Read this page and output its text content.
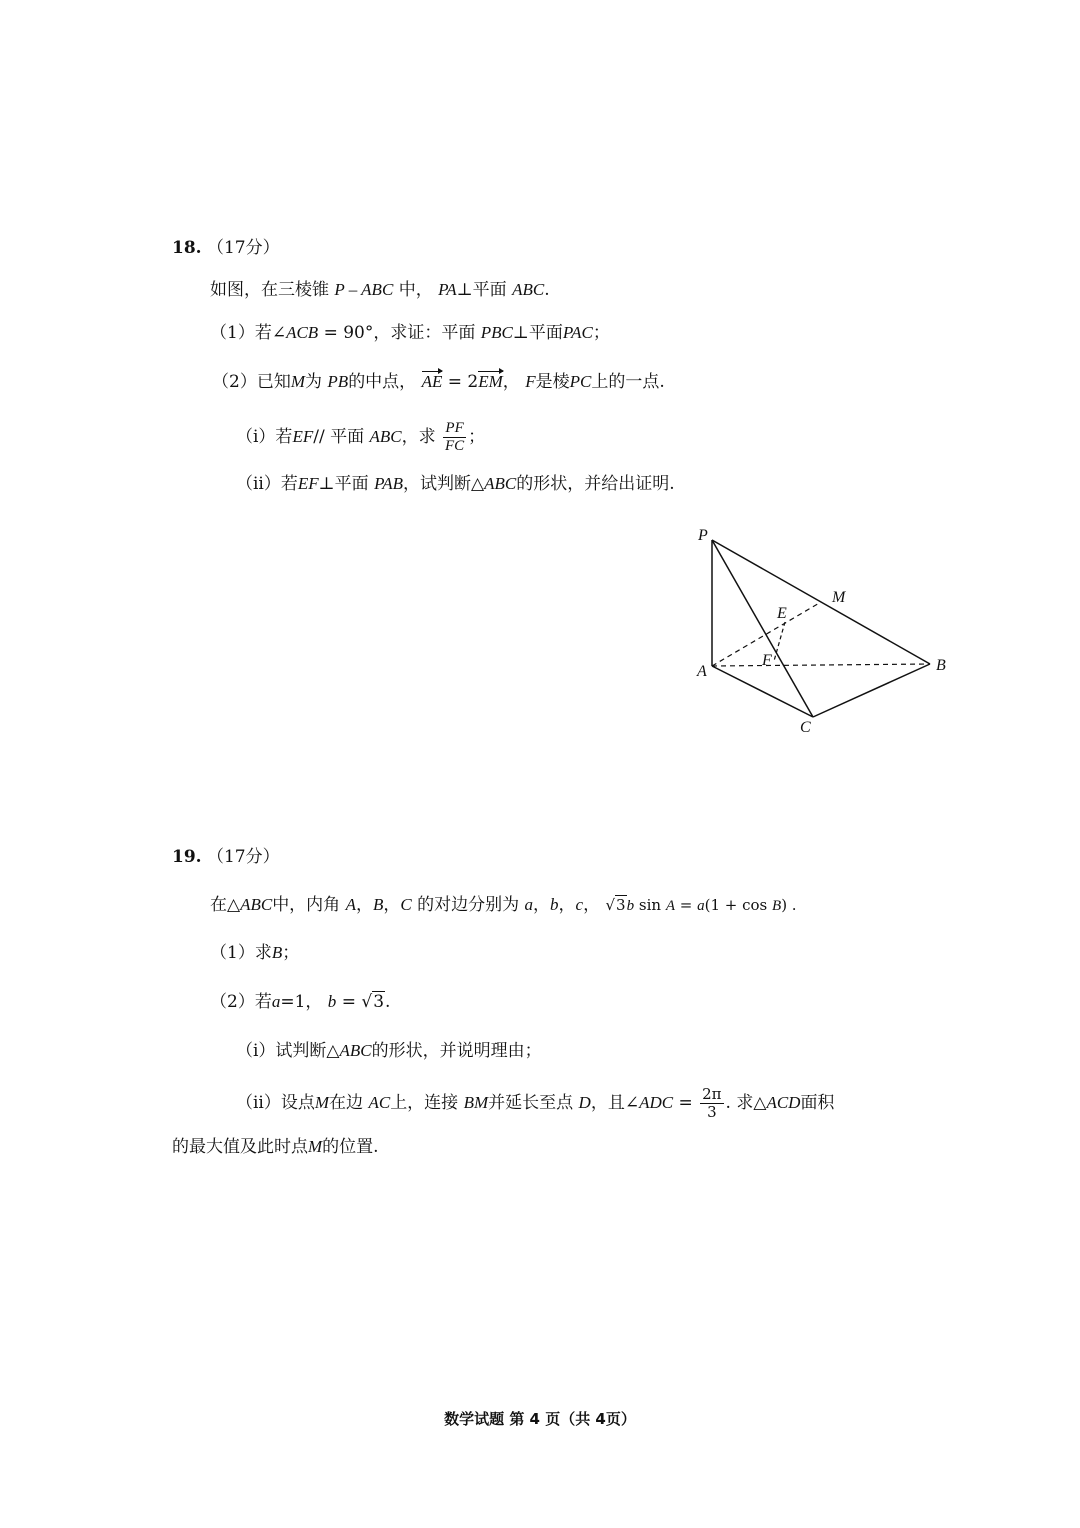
18. （17分）
如图，在三棱锥 P – ABC 中， PA⊥平面 ABC.
（1）若∠ACB = 90°，求证：平面 PBC⊥平面PAC；
（2）已知M为 PB的中点， AE = 2EM， F是棱PC上的一点.
（i）若EF// 平面 ABC，求 $\frac{PF}{FC}$ ；
（ii）若EF⊥平面 PAB，试判断△ABC的形状，并给出证明.
P
M
E
F
A	B
C
19. （17分）
在△ABC中，内角 A，B，C 的对边分别为 a，b，c， √3b sin A = a(1 + cos B) .
（1）求B；
（2）若a=1， b = √3.
（i）试判断△ABC的形状，并说明理由；
（ii）设点M在边 AC上，连接 BM并延长至点 D，且∠ADC = $\frac{2\pi}{3}$ . 求△ACD面积
的最大值及此时点M的位置.
数学试题 第 4 页（共 4页）
